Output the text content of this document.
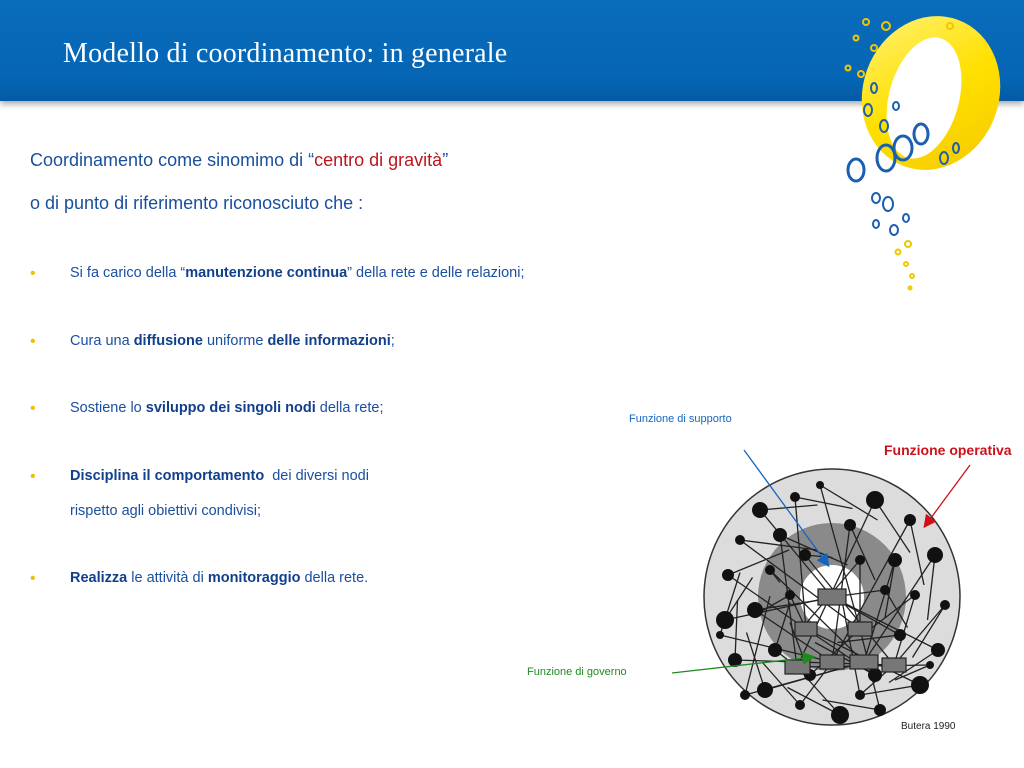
Modello di coordinamento: in generale
Coordinamento come sinomimo di “centro di gravità”
o di punto di riferimento riconosciuto che :
• Si fa carico della “manutenzione continua” della rete e delle relazioni;
• Cura una diffusione uniforme delle informazioni;
• Sostiene lo sviluppo dei singoli nodi della rete;
• Disciplina il comportamento  dei diversi nodi
rispetto agli obiettivi condivisi;
• Realizza le attività di monitoraggio della rete.
Funzione di supporto
Funzione operativa
Funzione di governo
Butera 1990
